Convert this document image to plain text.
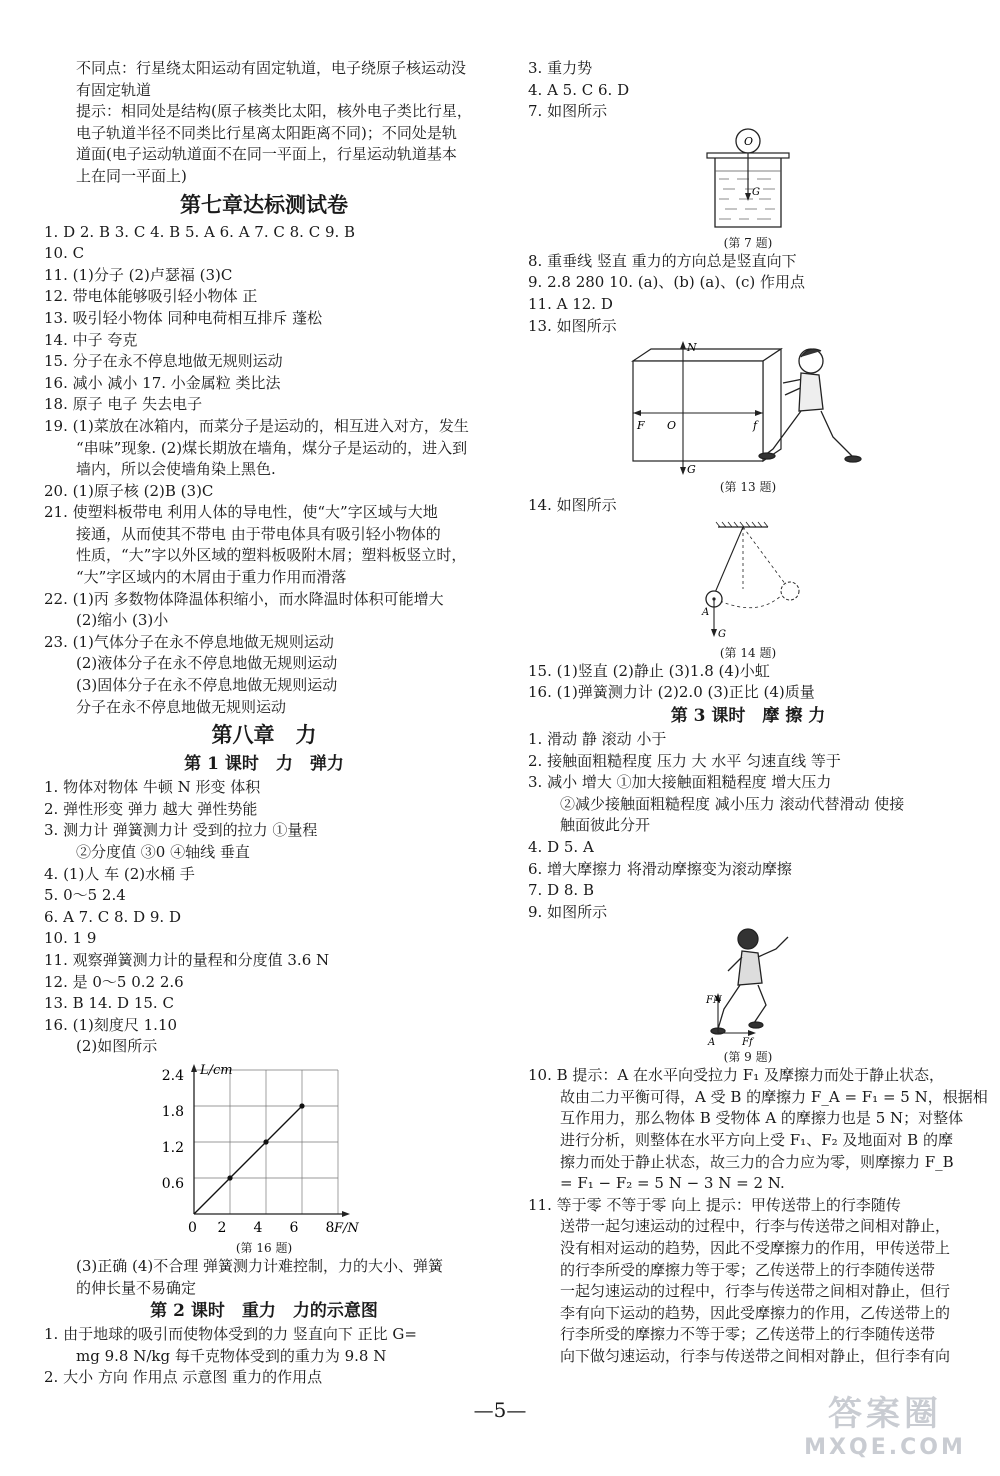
不同点：行星绕太阳运动有固定轨道，电子绕原子核运动没
有固定轨道
提示：相同处是结构(原子核类比太阳，核外电子类比行星，
电子轨道半径不同类比行星离太阳距离不同)；不同处是轨
道面(电子运动轨道面不在同一平面上，行星运动轨道基本
上在同一平面上)
第七章达标测试卷
1. D 2. B 3. C 4. B 5. A 6. A 7. C 8. C 9. B
10. C
11. (1)分子 (2)卢瑟福 (3)C
12. 带电体能够吸引轻小物体 正
13. 吸引轻小物体 同种电荷相互排斥 蓬松
14. 中子 夸克
15. 分子在永不停息地做无规则运动
16. 减小 减小 17. 小金属粒 类比法
18. 原子 电子 失去电子
19. (1)菜放在冰箱内，而菜分子是运动的，相互进入对方，发生
“串味”现象. (2)煤长期放在墙角，煤分子是运动的，进入到
墙内，所以会使墙角染上黑色.
20. (1)原子核 (2)B (3)C
21. 使塑料板带电 利用人体的导电性，使“大”字区域与大地
接通，从而使其不带电 由于带电体具有吸引轻小物体的
性质，“大”字以外区域的塑料板吸附木屑；塑料板竖立时，
“大”字区域内的木屑由于重力作用而滑落
22. (1)丙 多数物体降温体积缩小，而水降温时体积可能增大
(2)缩小 (3)小
23. (1)气体分子在永不停息地做无规则运动
(2)液体分子在永不停息地做无规则运动
(3)固体分子在永不停息地做无规则运动
分子在永不停息地做无规则运动
第八章　力
第 1 课时　力　弹力
1. 物体对物体 牛顿 N 形变 体积
2. 弹性形变 弹力 越大 弹性势能
3. 测力计 弹簧测力计 受到的拉力 ①量程
②分度值 ③0 ④轴线 垂直
4. (1)人 车 (2)水桶 手
5. 0～5 2.4
6. A 7. C 8. D 9. D
10. 1 9
11. 观察弹簧测力计的量程和分度值 3.6 N
12. 是 0～5 0.2 2.6
13. B 14. D 15. C
16. (1)刻度尺 1.10
(2)如图所示
L/cm
F/N
0
0.6
1.2
1.8
2.4
2 4 6 8
(第 16 题)
(3)正确 (4)不合理 弹簧测力计难控制，力的大小、弹簧
的伸长量不易确定
第 2 课时　重力　力的示意图
1. 由于地球的吸引而使物体受到的力 竖直向下 正比 G=
mg 9.8 N/kg 每千克物体受到的重力为 9.8 N
2. 大小 方向 作用点 示意图 重力的作用点
3. 重力势
4. A 5. C 6. D
7. 如图所示
O
G
(第 7 题)
8. 重垂线 竖直 重力的方向总是竖直向下
9. 2.8 280 10. (a)、(b) (a)、(c) 作用点
11. A 12. D
13. 如图所示
N
G
F O	f
(第 13 题)
14. 如图所示
A
G
(第 14 题)
15. (1)竖直 (2)静止 (3)1.8 (4)小虹
16. (1)弹簧测力计 (2)2.0 (3)正比 (4)质量
第 3 课时　摩 擦 力
1. 滑动 静 滚动 小于
2. 接触面粗糙程度 压力 大 水平 匀速直线 等于
3. 减小 增大 ①加大接触面粗糙程度 增大压力
②减少接触面粗糙程度 减小压力 滚动代替滑动 使接
触面彼此分开
4. D 5. A
6. 增大摩擦力 将滑动摩擦变为滚动摩擦
7. D 8. B
9. 如图所示
FN
A	Ff
(第 9 题)
10. B 提示：A 在水平向受拉力 F₁ 及摩擦力而处于静止状态，
故由二力平衡可得，A 受 B 的摩擦力 F_A = F₁ = 5 N，根据相
互作用力，那么物体 B 受物体 A 的摩擦力也是 5 N；对整体
进行分析，则整体在水平方向上受 F₁、F₂ 及地面对 B 的摩
擦力而处于静止状态，故三力的合力应为零，则摩擦力 F_B
= F₁ − F₂ = 5 N − 3 N = 2 N.
11. 等于零 不等于零 向上 提示：甲传送带上的行李随传
送带一起匀速运动的过程中，行李与传送带之间相对静止，
没有相对运动的趋势，因此不受摩擦力的作用，甲传送带上
的行李所受的摩擦力等于零；乙传送带上的行李随传送带
一起匀速运动的过程中，行李与传送带之间相对静止，但行
李有向下运动的趋势，因此受摩擦力的作用，乙传送带上的
行李所受的摩擦力不等于零；乙传送带上的行李随传送带
向下做匀速运动，行李与传送带之间相对静止，但行李有向
—5—	答案圈
MXQE.COM
